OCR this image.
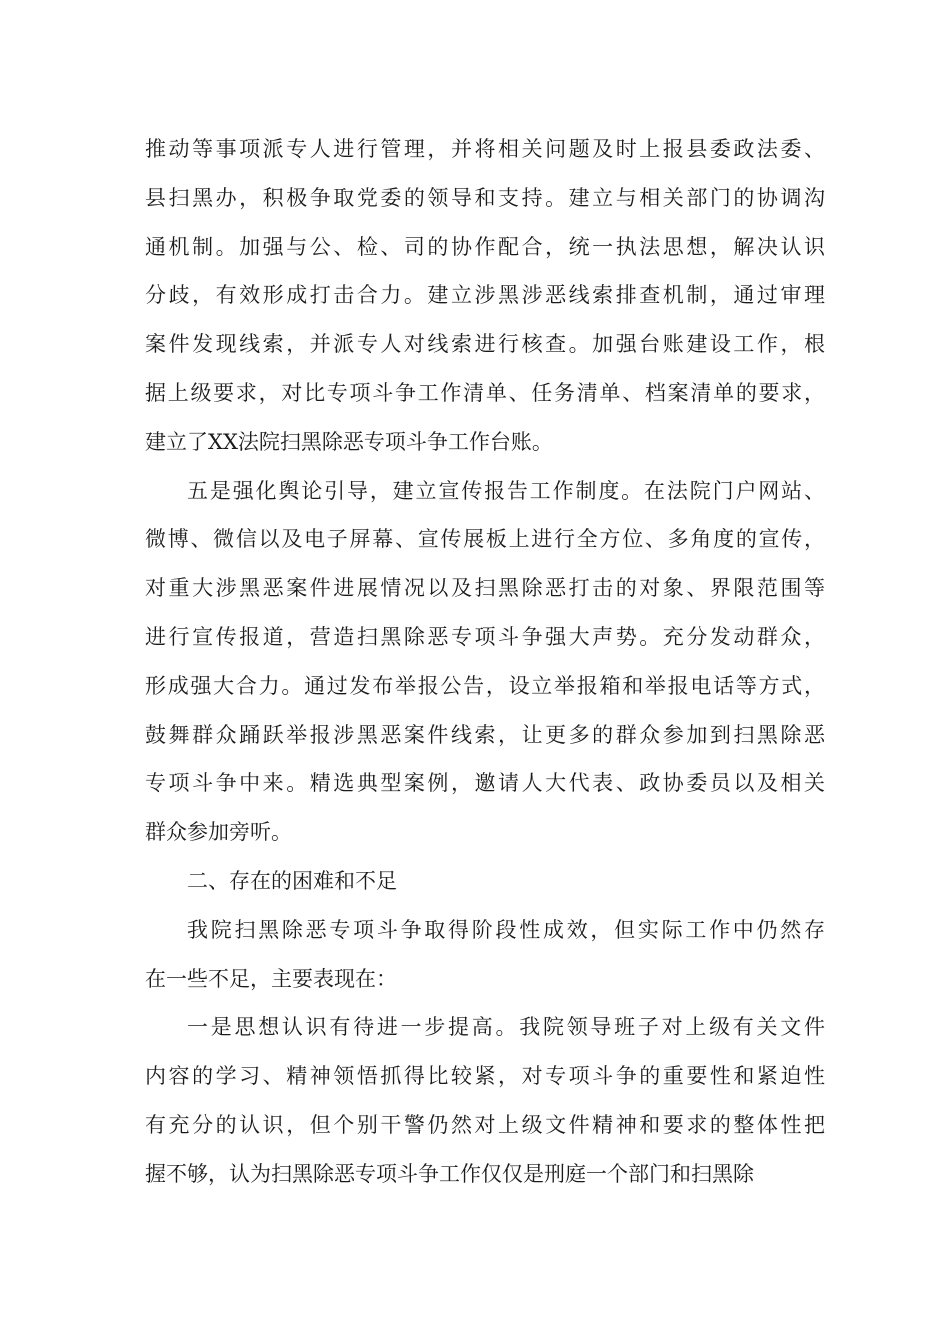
推动等事项派专人进行管理，并将相关问题及时上报县委政法委、
县扫黑办，积极争取党委的领导和支持。建立与相关部门的协调沟
通机制。加强与公、检、司的协作配合，统一执法思想，解决认识
分歧，有效形成打击合力。建立涉黑涉恶线索排查机制，通过审理
案件发现线索，并派专人对线索进行核查。加强台账建设工作，根
据上级要求，对比专项斗争工作清单、任务清单、档案清单的要求，
建立了XX法院扫黑除恶专项斗争工作台账。
五是强化舆论引导，建立宣传报告工作制度。在法院门户网站、
微博、微信以及电子屏幕、宣传展板上进行全方位、多角度的宣传，
对重大涉黑恶案件进展情况以及扫黑除恶打击的对象、界限范围等
进行宣传报道，营造扫黑除恶专项斗争强大声势。充分发动群众，
形成强大合力。通过发布举报公告，设立举报箱和举报电话等方式，
鼓舞群众踊跃举报涉黑恶案件线索，让更多的群众参加到扫黑除恶
专项斗争中来。精选典型案例，邀请人大代表、政协委员以及相关
群众参加旁听。
二、存在的困难和不足
我院扫黑除恶专项斗争取得阶段性成效，但实际工作中仍然存
在一些不足，主要表现在：
一是思想认识有待进一步提高。我院领导班子对上级有关文件
内容的学习、精神领悟抓得比较紧，对专项斗争的重要性和紧迫性
有充分的认识，但个别干警仍然对上级文件精神和要求的整体性把
握不够，认为扫黑除恶专项斗争工作仅仅是刑庭一个部门和扫黑除
